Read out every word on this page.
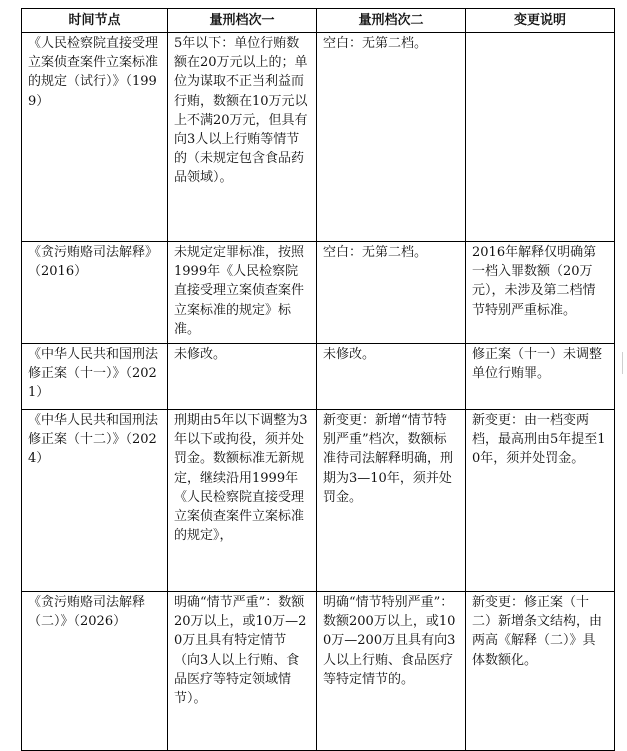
时间节点	量刑档次一	量刑档次二	变更说明
《人民检察院直接受理立案侦查案件立案标准的规定（试行）》（1999）	5年以下：单位行贿数额在20万元以上的；单位为谋取不正当利益而行贿，数额在10万元以上不满20万元，但具有向3人以上行贿等情节的（未规定包含食品药品领域）。	空白：无第二档。	
《贪污贿赂司法解释》（2016）	未规定定罪标准，按照1999年《人民检察院直接受理立案侦查案件立案标准的规定》标准。	空白：无第二档。	2016年解释仅明确第一档入罪数额（20万元），未涉及第二档情节特别严重标准。
《中华人民共和国刑法修正案（十一）》（2021）	未修改。	未修改。	修正案（十一）未调整单位行贿罪。
《中华人民共和国刑法修正案（十二）》（2024）	刑期由5年以下调整为3年以下或拘役，须并处罚金。数额标准无新规定，继续沿用1999年《人民检察院直接受理立案侦查案件立案标准的规定》，	新变更：新增“情节特别严重”档次，数额标准待司法解释明确，刑期为3—10年，须并处罚金。	新变更：由一档变两档，最高刑由5年提至10年，须并处罚金。
《贪污贿赂司法解释（二）》（2026）	明确“情节严重”：数额20万以上，或10万—20万且具有特定情节（向3人以上行贿、食品医疗等特定领域情节）。	明确“情节特别严重”：数额200万以上，或100万—200万且具有向3人以上行贿、食品医疗等特定情节的。	新变更：修正案（十二）新增条文结构，由两高《解释（二）》具体数额化。
